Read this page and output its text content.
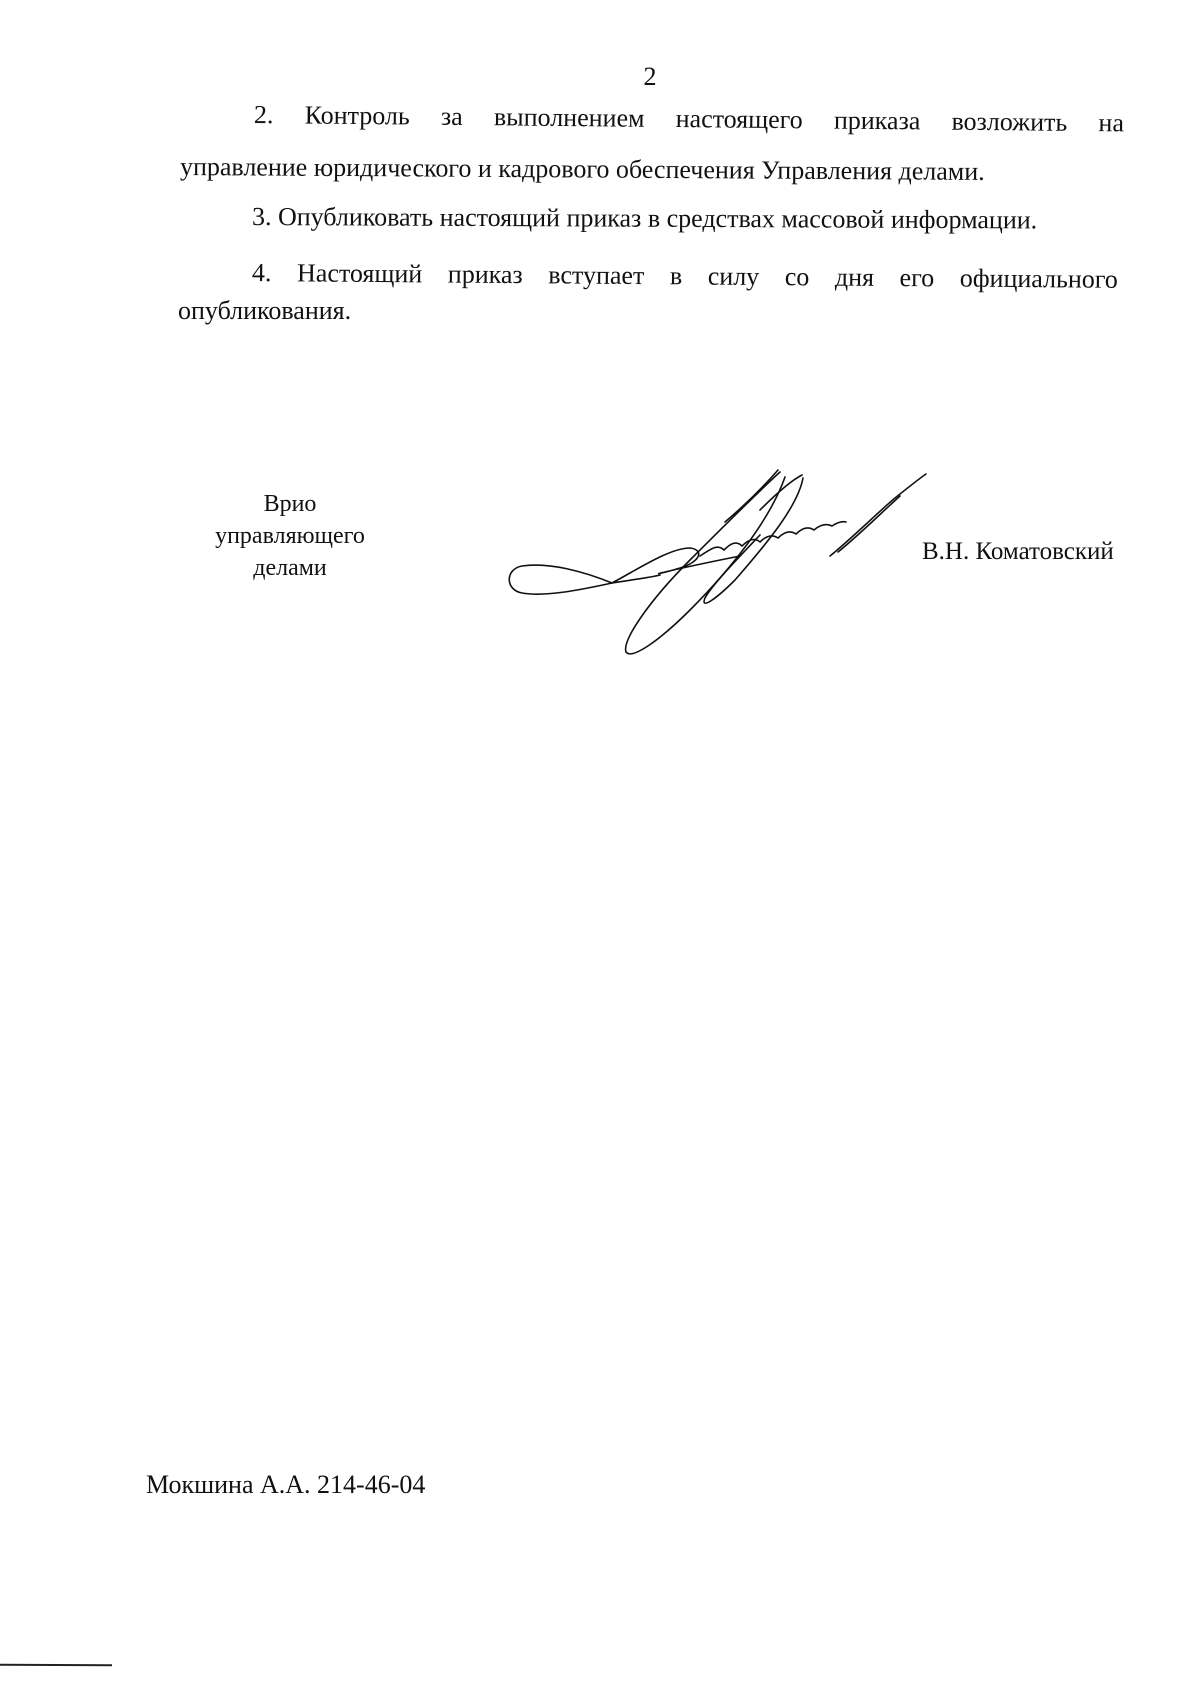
2
2. Контроль за выполнением настоящего приказа возложить на
управление юридического и кадрового обеспечения Управления делами.
3. Опубликовать настоящий приказ в средствах массовой информации.
4. Настоящий приказ вступает в силу со дня его официального
опубликования.
Врио
управляющего
делами
В.Н. Коматовский
Мокшина А.А. 214-46-04
